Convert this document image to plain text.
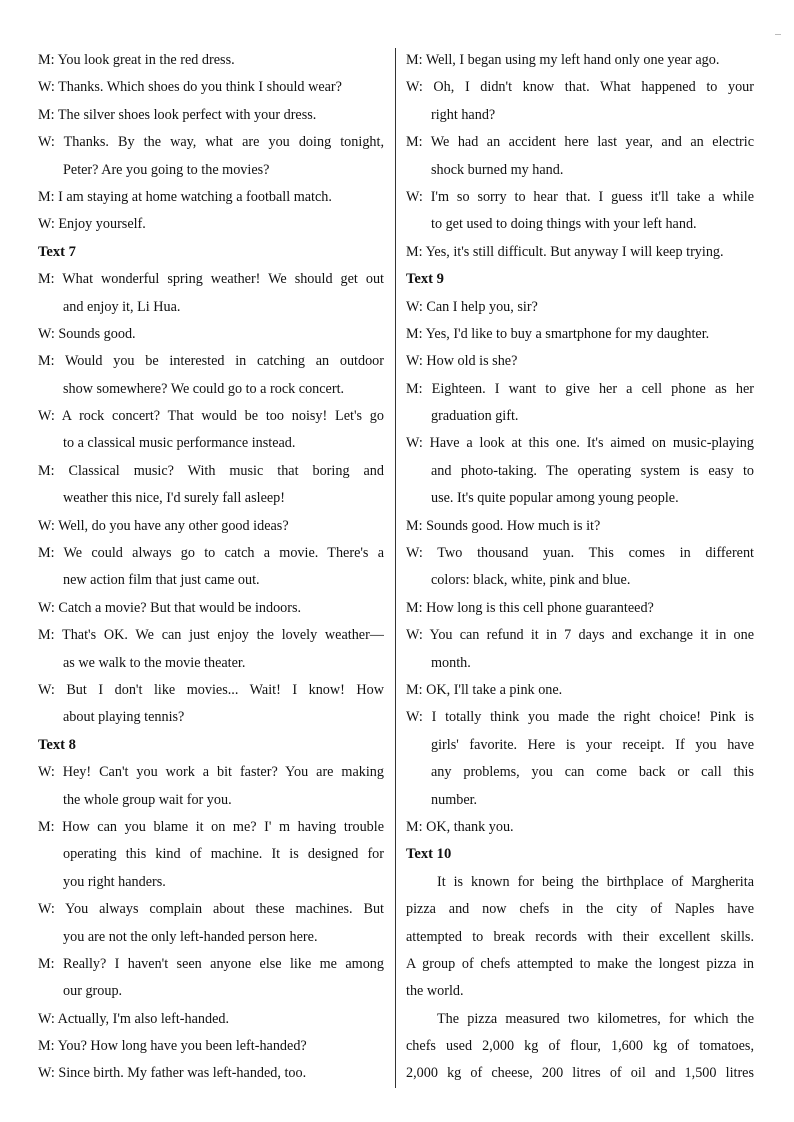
M: You look great in the red dress.
W: Thanks. Which shoes do you think I should wear?
M: The silver shoes look perfect with your dress.
W: Thanks. By the way, what are you doing tonight,
Peter? Are you going to the movies?
M: I am staying at home watching a football match.
W: Enjoy yourself.
Text 7
M: What wonderful spring weather! We should get out
and enjoy it, Li Hua.
W: Sounds good.
M: Would you be interested in catching an outdoor
show somewhere? We could go to a rock concert.
W: A rock concert? That would be too noisy! Let's go
to a classical music performance instead.
M: Classical music? With music that boring and
weather this nice, I'd surely fall asleep!
W: Well, do you have any other good ideas?
M: We could always go to catch a movie. There's a
new action film that just came out.
W: Catch a movie? But that would be indoors.
M: That's OK. We can just enjoy the lovely weather—
as we walk to the movie theater.
W: But I don't like movies... Wait! I know! How
about playing tennis?
Text 8
W: Hey! Can't you work a bit faster? You are making
the whole group wait for you.
M: How can you blame it on me? I' m having trouble
operating this kind of machine. It is designed for
you right handers.
W: You always complain about these machines. But
you are not the only left-handed person here.
M: Really? I haven't seen anyone else like me among
our group.
W: Actually, I'm also left-handed.
M: You? How long have you been left-handed?
W: Since birth. My father was left-handed, too.
M: Well, I began using my left hand only one year ago.
W: Oh, I didn't know that. What happened to your
right hand?
M: We had an accident here last year, and an electric
shock burned my hand.
W: I'm so sorry to hear that. I guess it'll take a while
to get used to doing things with your left hand.
M: Yes, it's still difficult. But anyway I will keep trying.
Text 9
W: Can I help you, sir?
M: Yes, I'd like to buy a smartphone for my daughter.
W: How old is she?
M: Eighteen. I want to give her a cell phone as her
graduation gift.
W: Have a look at this one. It's aimed on music-playing
and photo-taking. The operating system is easy to
use. It's quite popular among young people.
M: Sounds good. How much is it?
W: Two thousand yuan. This comes in different
colors: black, white, pink and blue.
M: How long is this cell phone guaranteed?
W: You can refund it in 7 days and exchange it in one
month.
M: OK, I'll take a pink one.
W: I totally think you made the right choice! Pink is
girls' favorite. Here is your receipt. If you have
any problems, you can come back or call this
number.
M: OK, thank you.
Text 10
It is known for being the birthplace of Margherita
pizza and now chefs in the city of Naples have
attempted to break records with their excellent skills.
A group of chefs attempted to make the longest pizza in
the world.
The pizza measured two kilometres, for which the
chefs used 2,000 kg of flour, 1,600 kg of tomatoes,
2,000 kg of cheese, 200 litres of oil and 1,500 litres
